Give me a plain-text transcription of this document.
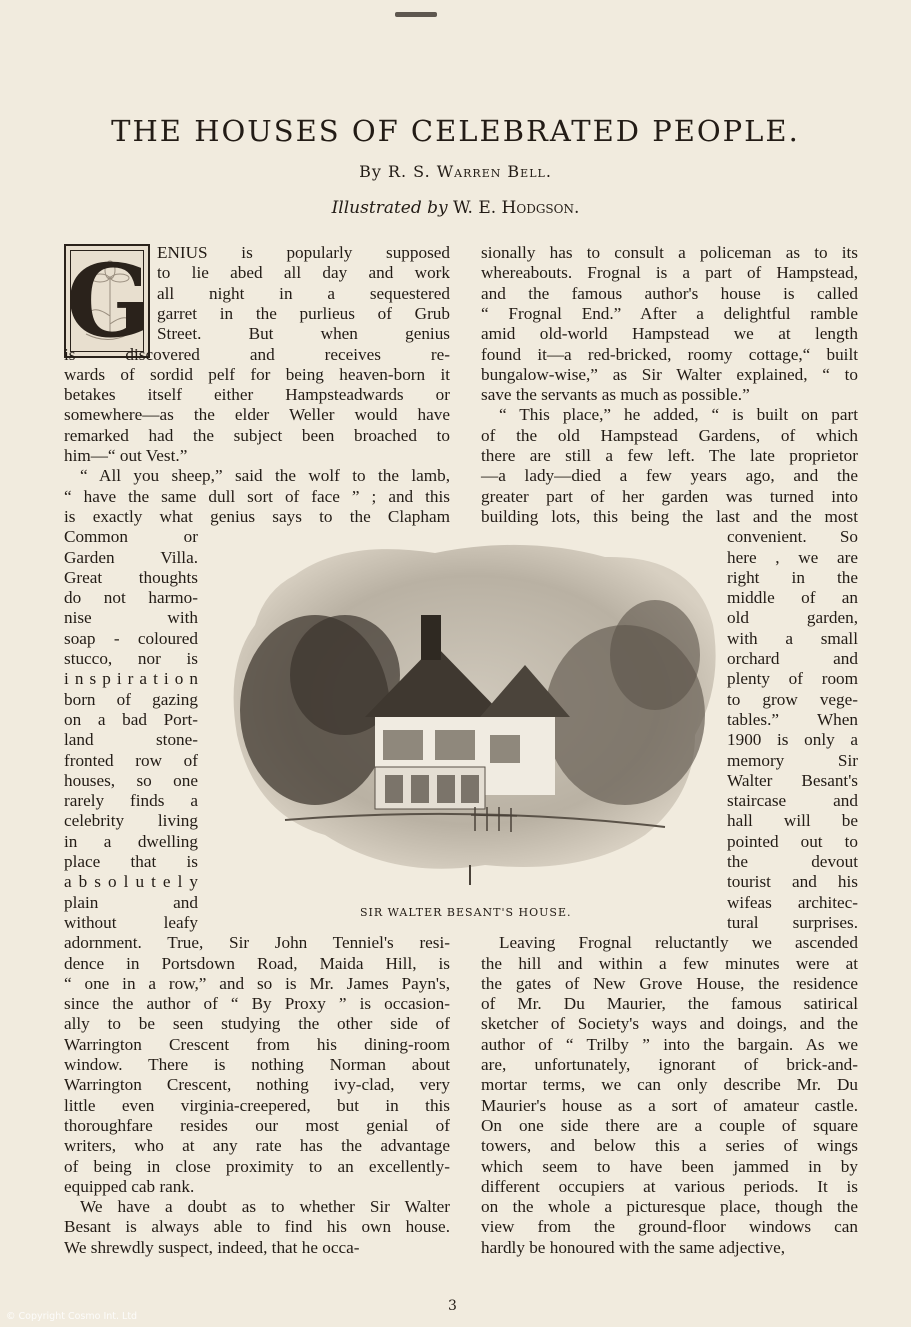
THE HOUSES OF CELEBRATED PEOPLE.
By R. S. Warren Bell.
Illustrated by W. E. Hodgson.
G ENIUS is popularly supposed
to lie abed all day and work
all night in a sequestered
garret in the purlieus of Grub
Street. But when genius
is discovered and receives re-
wards of sordid pelf for being heaven-born it
betakes itself either Hampsteadwards or
somewhere—as the elder Weller would have
remarked had the subject been broached to
him—“ out Vest.”
“ All you sheep,” said the wolf to the lamb,
“ have the same dull sort of face ” ; and this
is exactly what genius says to the Clapham
Common or
Garden Villa.
Great thoughts
do not harmo-
nise with
soap - coloured
stucco, nor is
inspiration
born of gazing
on a bad Port-
land stone-
fronted row of
houses, so one
rarely finds a
celebrity living
in a dwelling
place that is
absolutely
plain and
without leafy
adornment. True, Sir John Tenniel's resi-
dence in Portsdown Road, Maida Hill, is
“ one in a row,” and so is Mr. James Payn's,
since the author of “ By Proxy ” is occasion-
ally to be seen studying the other side of
Warrington Crescent from his dining-room
window. There is nothing Norman about
Warrington Crescent, nothing ivy-clad, very
little even virginia-creepered, but in this
thoroughfare resides our most genial of
writers, who at any rate has the advantage
of being in close proximity to an excellently-
equipped cab rank.
We have a doubt as to whether Sir Walter
Besant is always able to find his own house.
We shrewdly suspect, indeed, that he occa-
sionally has to consult a policeman as to its
whereabouts. Frognal is a part of Hampstead,
and the famous author's house is called
“ Frognal End.” After a delightful ramble
amid old-world Hampstead we at length
found it—a red-bricked, roomy cottage,“ built
bungalow-wise,” as Sir Walter explained, “ to
save the servants as much as possible.”
“ This place,” he added, “ is built on part
of the old Hampstead Gardens, of which
there are still a few left. The late proprietor
—a lady—died a few years ago, and the
greater part of her garden was turned into
building lots, this being the last and the most
convenient. So
here , we are
right in the
middle of an
old garden,
with a small
orchard and
plenty of room
to grow vege-
tables.” When
1900 is only a
memory Sir
Walter Besant's
staircase and
hall will be
pointed out to
the devout
tourist and his
wifeas architec-
tural surprises.
Leaving Frognal reluctantly we ascended
the hill and within a few minutes were at
the gates of New Grove House, the residence
of Mr. Du Maurier, the famous satirical
sketcher of Society's ways and doings, and the
author of “ Trilby ” into the bargain. As we
are, unfortunately, ignorant of brick-and-
mortar terms, we can only describe Mr. Du
Maurier's house as a sort of amateur castle.
On one side there are a couple of square
towers, and below this a series of wings
which seem to have been jammed in by
different occupiers at various periods. It is
on the whole a picturesque place, though the
view from the ground-floor windows can
hardly be honoured with the same adjective,
SIR WALTER BESANT'S HOUSE.
3
© Copyright Cosmo Int. Ltd
